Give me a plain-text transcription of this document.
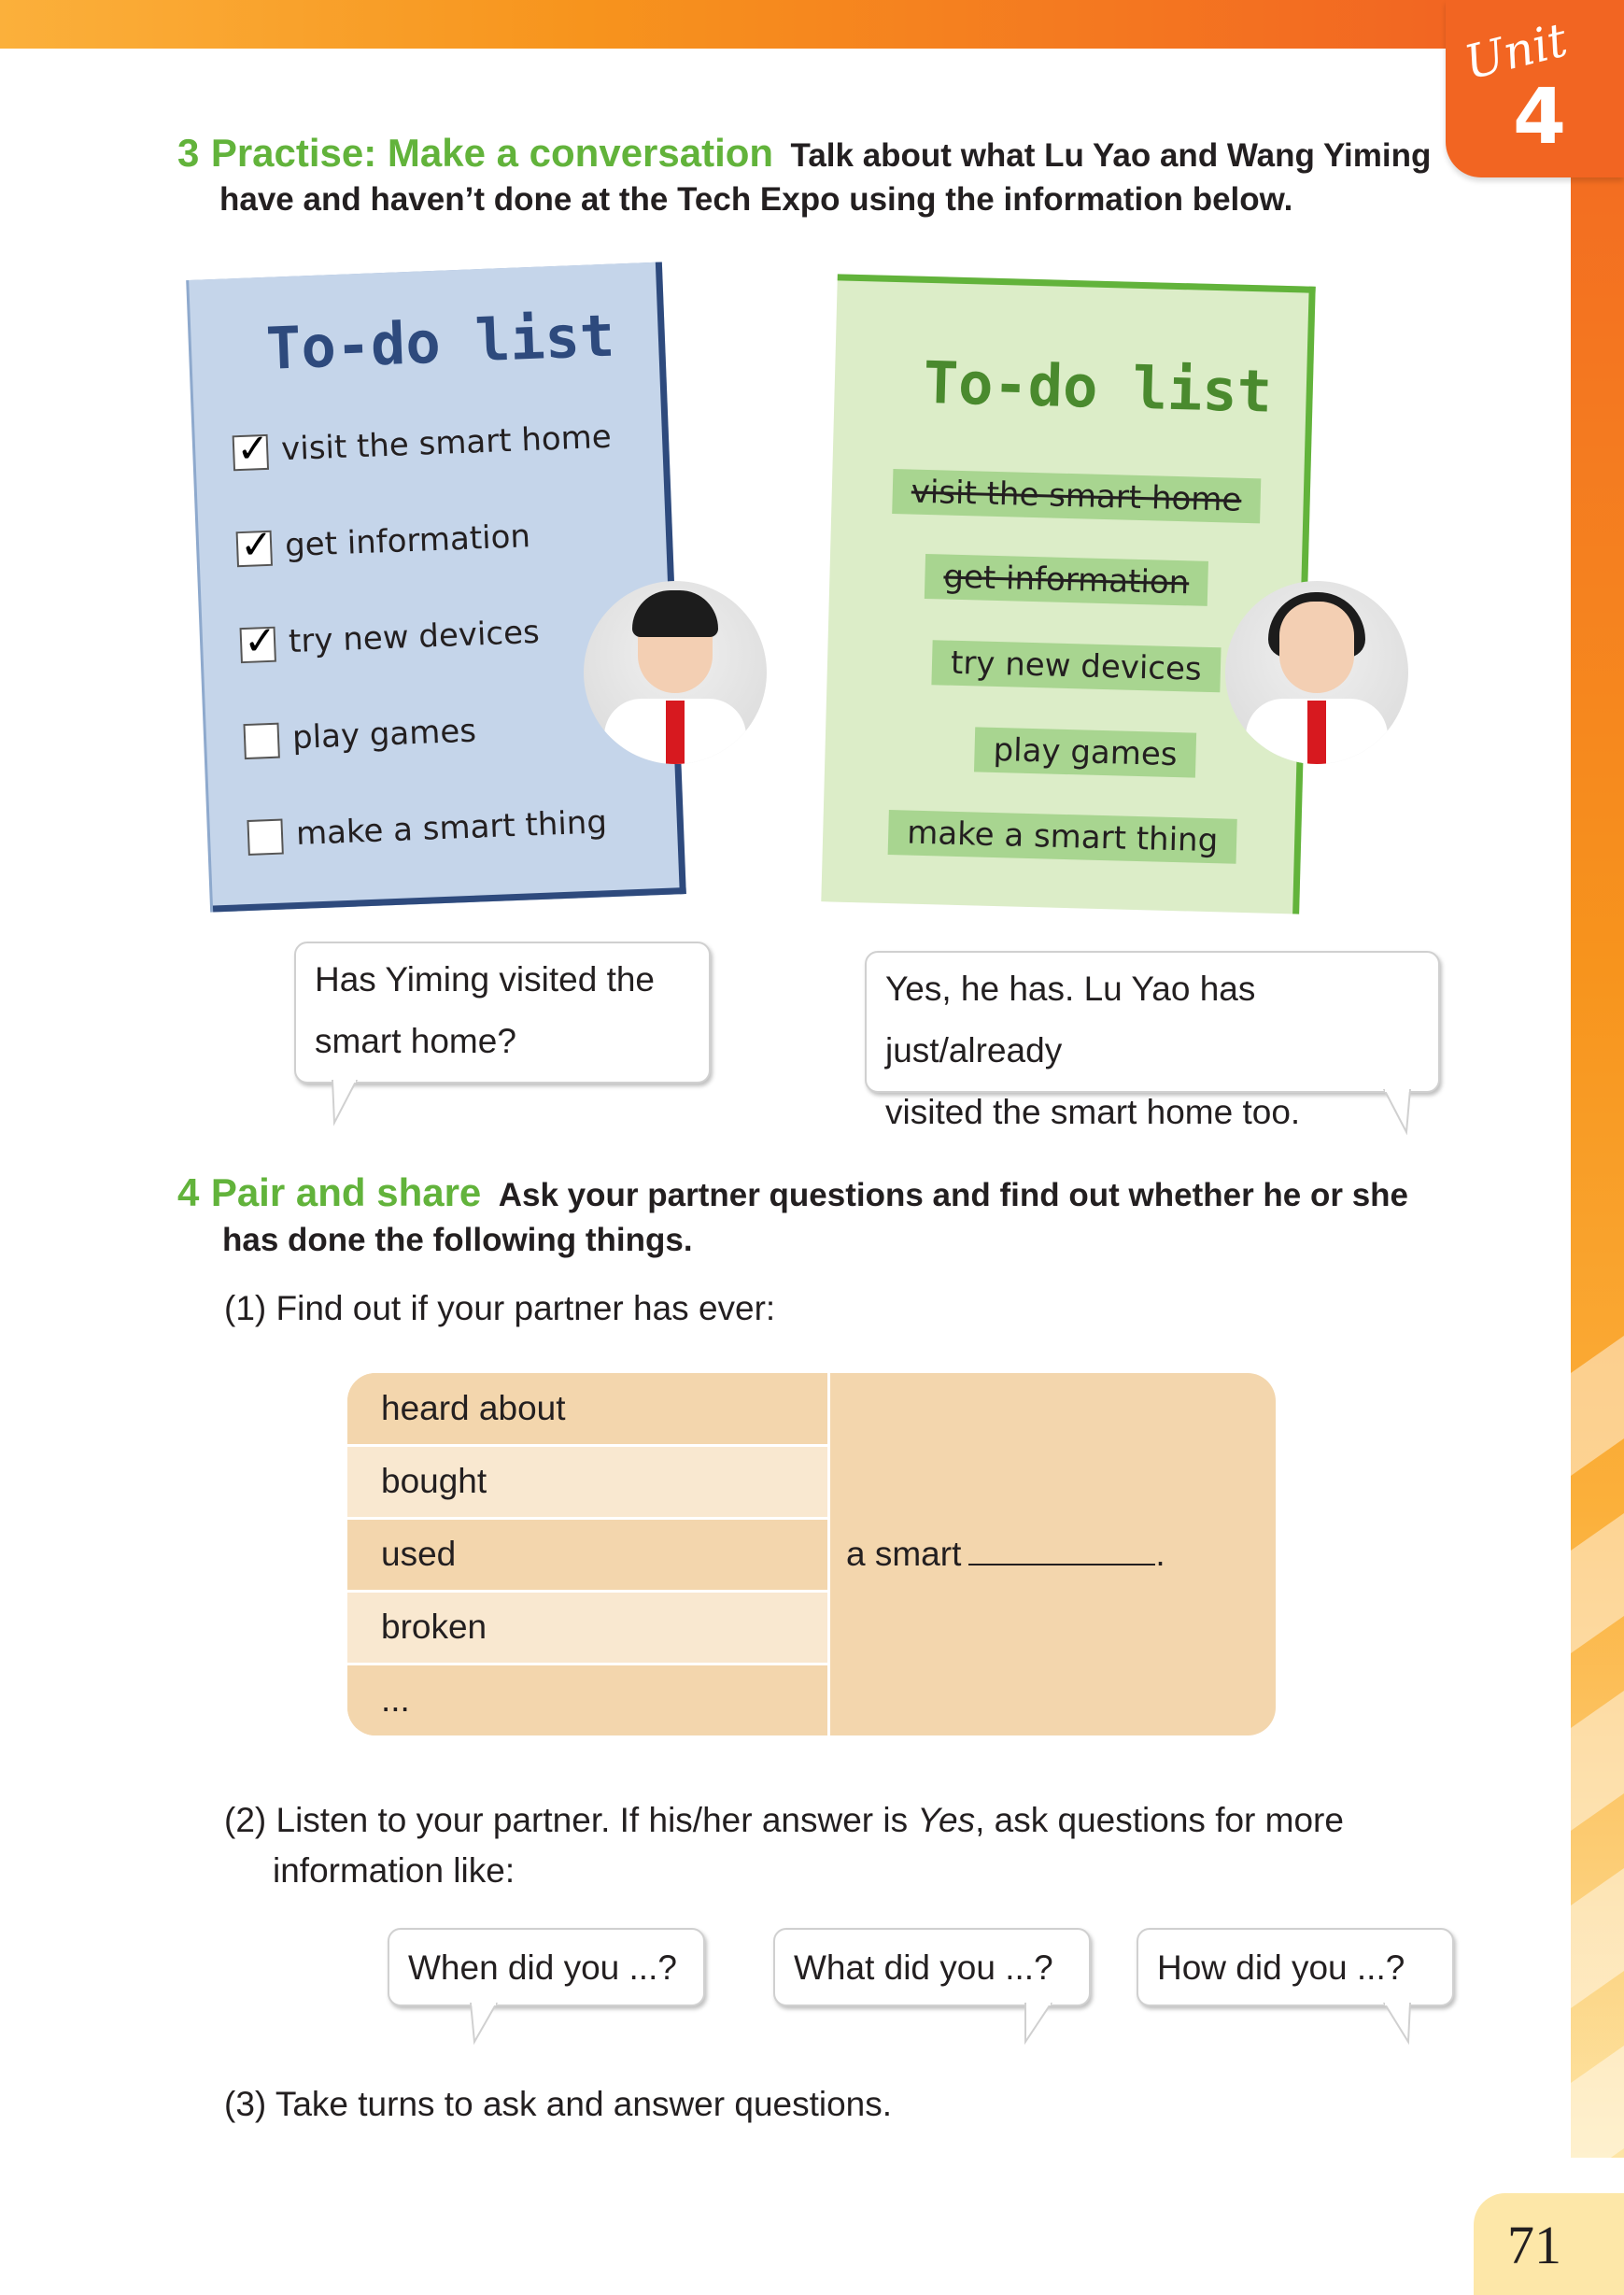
Unit
4
3 Practise: Make a conversation Talk about what Lu Yao and Wang Yiming
have and haven’t done at the Tech Expo using the information below.
To-do list
✓ visit the smart home
✓ get information
✓ try new devices
play games
make a smart thing
To-do list
visit the smart home
get information
try new devices
play games
make a smart thing
Has Yiming visited the
smart home?
Yes, he has. Lu Yao has just/already
visited the smart home too.
4 Pair and share Ask your partner questions and find out whether he or she
has done the following things.
(1) Find out if your partner has ever:
heard about
bought
used
broken
...
a smart	.
(2) Listen to your partner. If his/her answer is Yes, ask questions for more
information like:
When did you ...?	What did you ...?	How did you ...?
(3) Take turns to ask and answer questions.
71
